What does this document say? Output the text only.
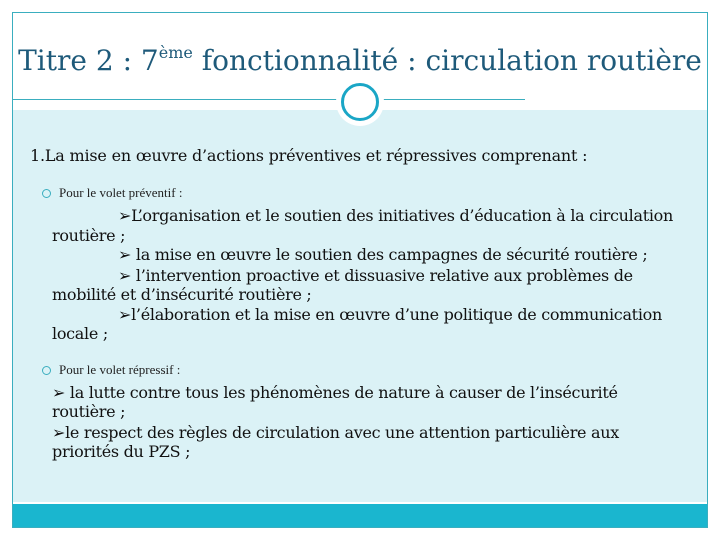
Titre 2 : 7ème fonctionnalité : circulation routière
1.La mise en œuvre d’actions préventives et répressives comprenant :
Pour le volet préventif :
➢L’organisation et le soutien des initiatives d’éducation à la circulation
routière ;
➢ la mise en œuvre le soutien des campagnes de sécurité routière ;
➢ l’intervention proactive et dissuasive relative aux problèmes de
mobilité et d’insécurité routière ;
➢l’élaboration et la mise en œuvre d’une politique de communication
locale ;
Pour le volet répressif :
➢ la lutte contre tous les phénomènes de nature à causer de l’insécurité
routière ;
➢le respect des règles de circulation avec une attention particulière aux
priorités du PZS ;
